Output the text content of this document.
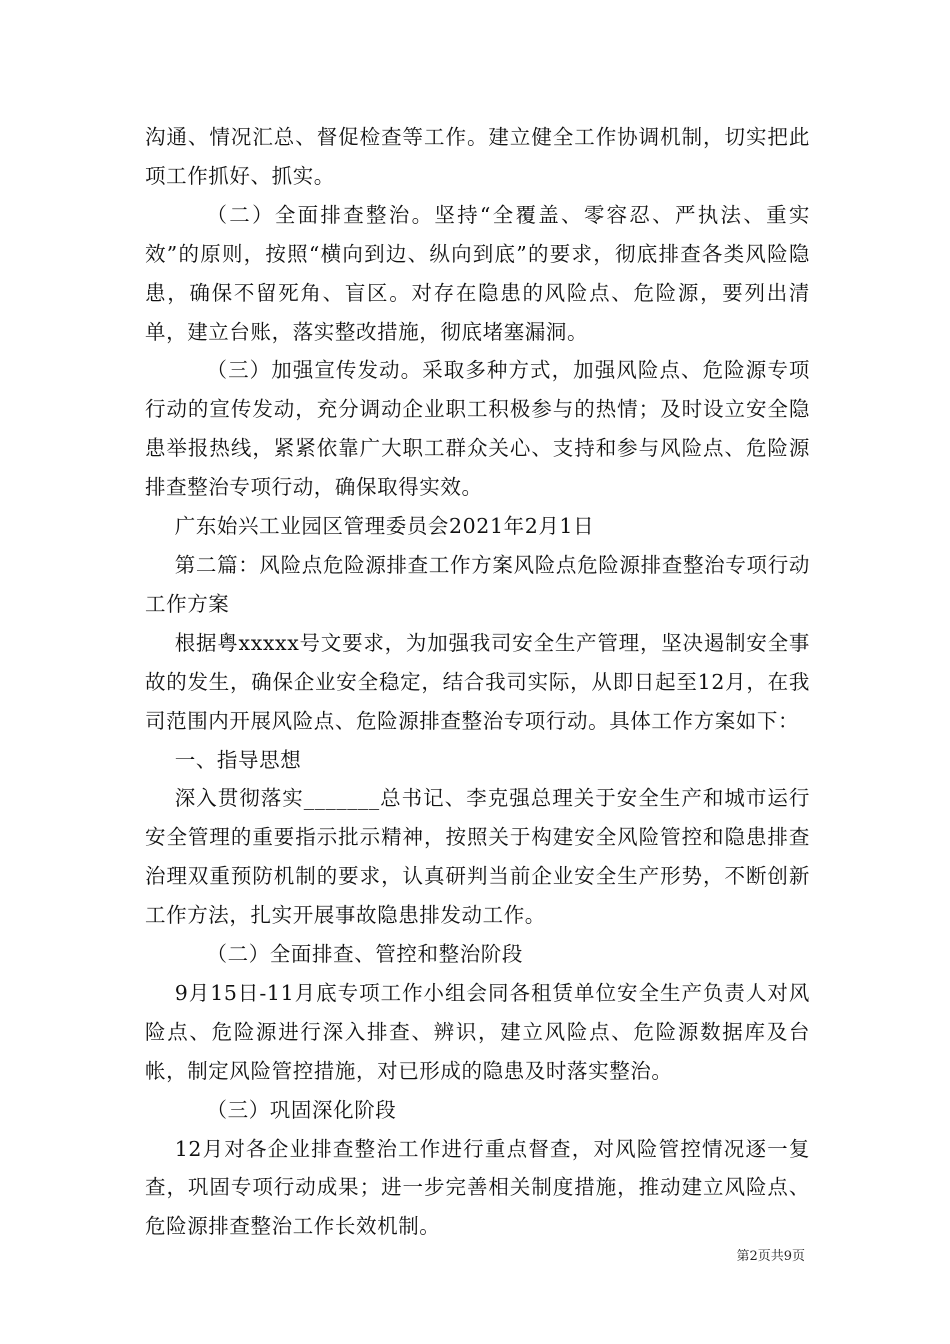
沟通、情况汇总、督促检查等工作。建立健全工作协调机制，切实把此项工作抓好、抓实。

（二）全面排查整治。坚持“全覆盖、零容忍、严执法、重实效”的原则，按照“横向到边、纵向到底”的要求，彻底排查各类风险隐患，确保不留死角、盲区。对存在隐患的风险点、危险源，要列出清单，建立台账，落实整改措施，彻底堵塞漏洞。

（三）加强宣传发动。采取多种方式，加强风险点、危险源专项行动的宣传发动，充分调动企业职工积极参与的热情；及时设立安全隐患举报热线，紧紧依靠广大职工群众关心、支持和参与风险点、危险源排查整治专项行动，确保取得实效。

广东始兴工业园区管理委员会2021年2月1日

第二篇：风险点危险源排查工作方案风险点危险源排查整治专项行动工作方案

根据粤xxxxx号文要求，为加强我司安全生产管理，坚决遏制安全事故的发生，确保企业安全稳定，结合我司实际，从即日起至12月，在我司范围内开展风险点、危险源排查整治专项行动。具体工作方案如下：

一、指导思想

深入贯彻落实_______总书记、李克强总理关于安全生产和城市运行安全管理的重要指示批示精神，按照关于构建安全风险管控和隐患排查治理双重预防机制的要求，认真研判当前企业安全生产形势，不断创新工作方法，扎实开展事故隐患排发动工作。

（二）全面排查、管控和整治阶段

9月15日-11月底专项工作小组会同各租赁单位安全生产负责人对风险点、危险源进行深入排查、辨识，建立风险点、危险源数据库及台帐，制定风险管控措施，对已形成的隐患及时落实整治。

（三）巩固深化阶段

12月对各企业排查整治工作进行重点督查，对风险管控情况逐一复查，巩固专项行动成果；进一步完善相关制度措施，推动建立风险点、危险源排查整治工作长效机制。

第2页共9页
